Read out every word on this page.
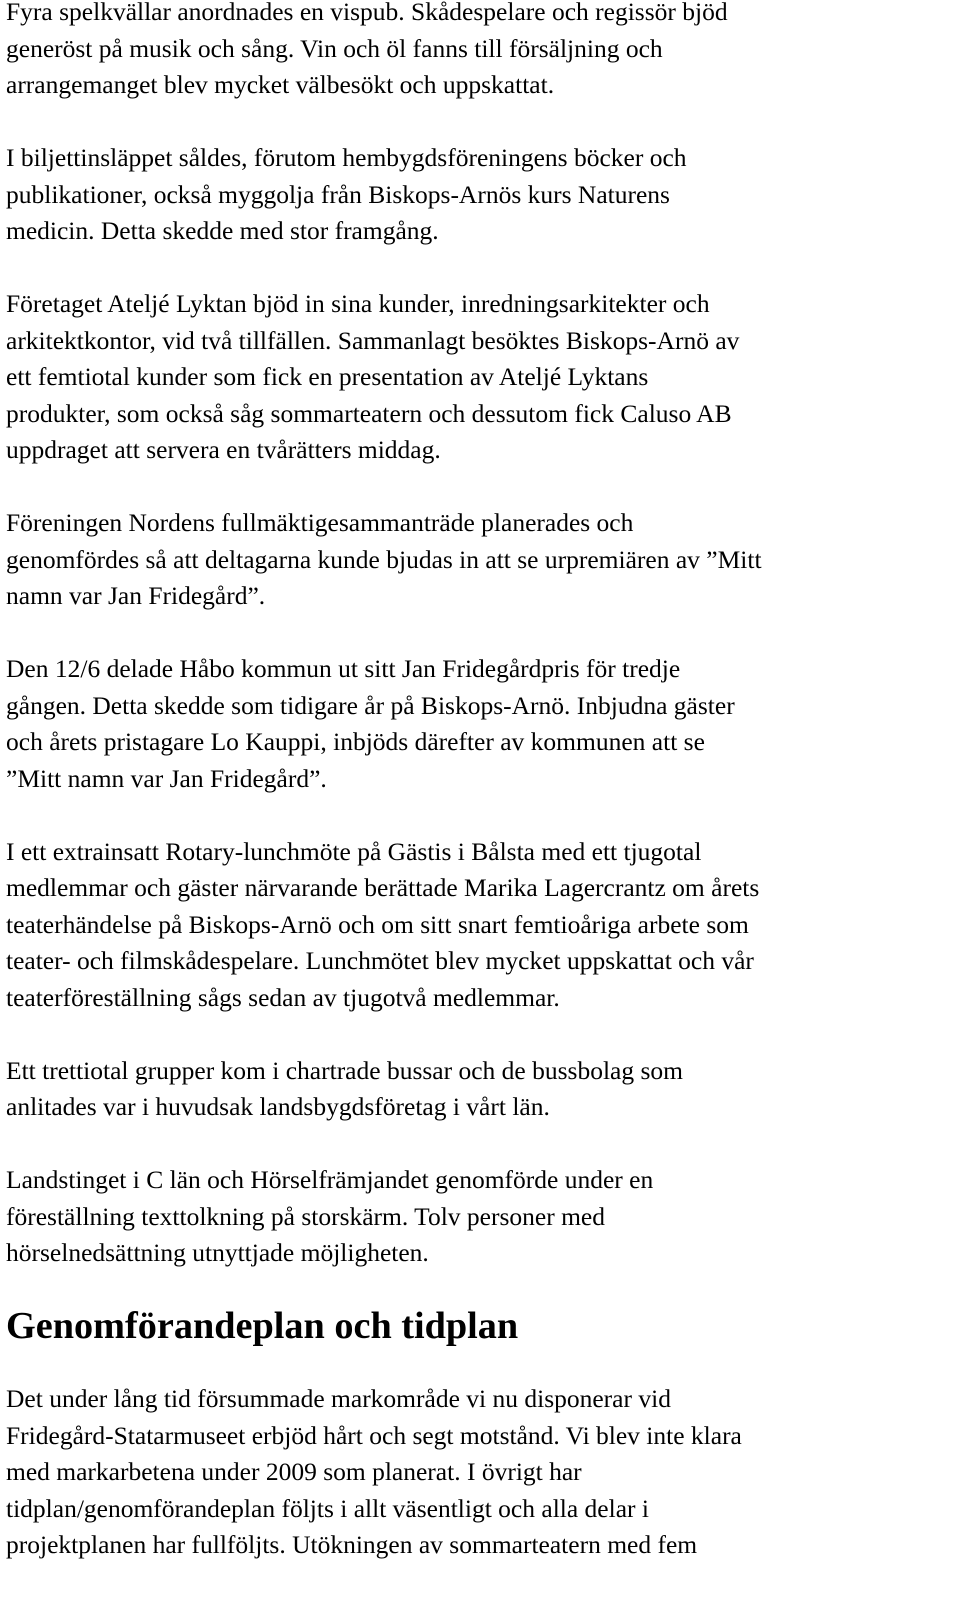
Fyra spelkvällar anordnades en vispub. Skådespelare och regissör bjöd
generöst på musik och sång. Vin och öl fanns till försäljning och
arrangemanget blev mycket välbesökt och uppskattat.

I biljettinsläppet såldes, förutom hembygdsföreningens böcker och
publikationer, också myggolja från Biskops-Arnös kurs Naturens
medicin. Detta skedde med stor framgång.

Företaget Ateljé Lyktan bjöd in sina kunder, inredningsarkitekter och
arkitektkontor, vid två tillfällen. Sammanlagt besöktes Biskops-Arnö av
ett femtiotal kunder som fick en presentation av Ateljé Lyktans
produkter, som också såg sommarteatern och dessutom fick Caluso AB
uppdraget att servera en tvårätters middag.

Föreningen Nordens fullmäktigesammanträde planerades och
genomfördes så att deltagarna kunde bjudas in att se urpremiären av ”Mitt
namn var Jan Fridegård”.

Den 12/6 delade Håbo kommun ut sitt Jan Fridegårdpris för tredje
gången. Detta skedde som tidigare år på Biskops-Arnö. Inbjudna gäster
och årets pristagare Lo Kauppi, inbjöds därefter av kommunen att se
”Mitt namn var Jan Fridegård”.

I ett extrainsatt Rotary-lunchmöte på Gästis i Bålsta med ett tjugotal
medlemmar och gäster närvarande berättade Marika Lagercrantz om årets
teaterhändelse på Biskops-Arnö och om sitt snart femtioåriga arbete som
teater- och filmskådespelare. Lunchmötet blev mycket uppskattat och vår
teaterföreställning sågs sedan av tjugotvå medlemmar.

Ett trettiotal grupper kom i chartrade bussar och de bussbolag som
anlitades var i huvudsak landsbygdsföretag i vårt län.

Landstinget i C län och Hörselfrämjandet genomförde under en
föreställning texttolkning på storskärm. Tolv personer med
hörselnedsättning utnyttjade möjligheten.

Genomförandeplan och tidplan

Det under lång tid försummade markområde vi nu disponerar vid
Fridegård-Statarmuseet erbjöd hårt och segt motstånd. Vi blev inte klara
med markarbetena under 2009 som planerat. I övrigt har
tidplan/genomförandeplan följts i allt väsentligt och alla delar i
projektplanen har fullföljts. Utökningen av sommarteatern med fem
